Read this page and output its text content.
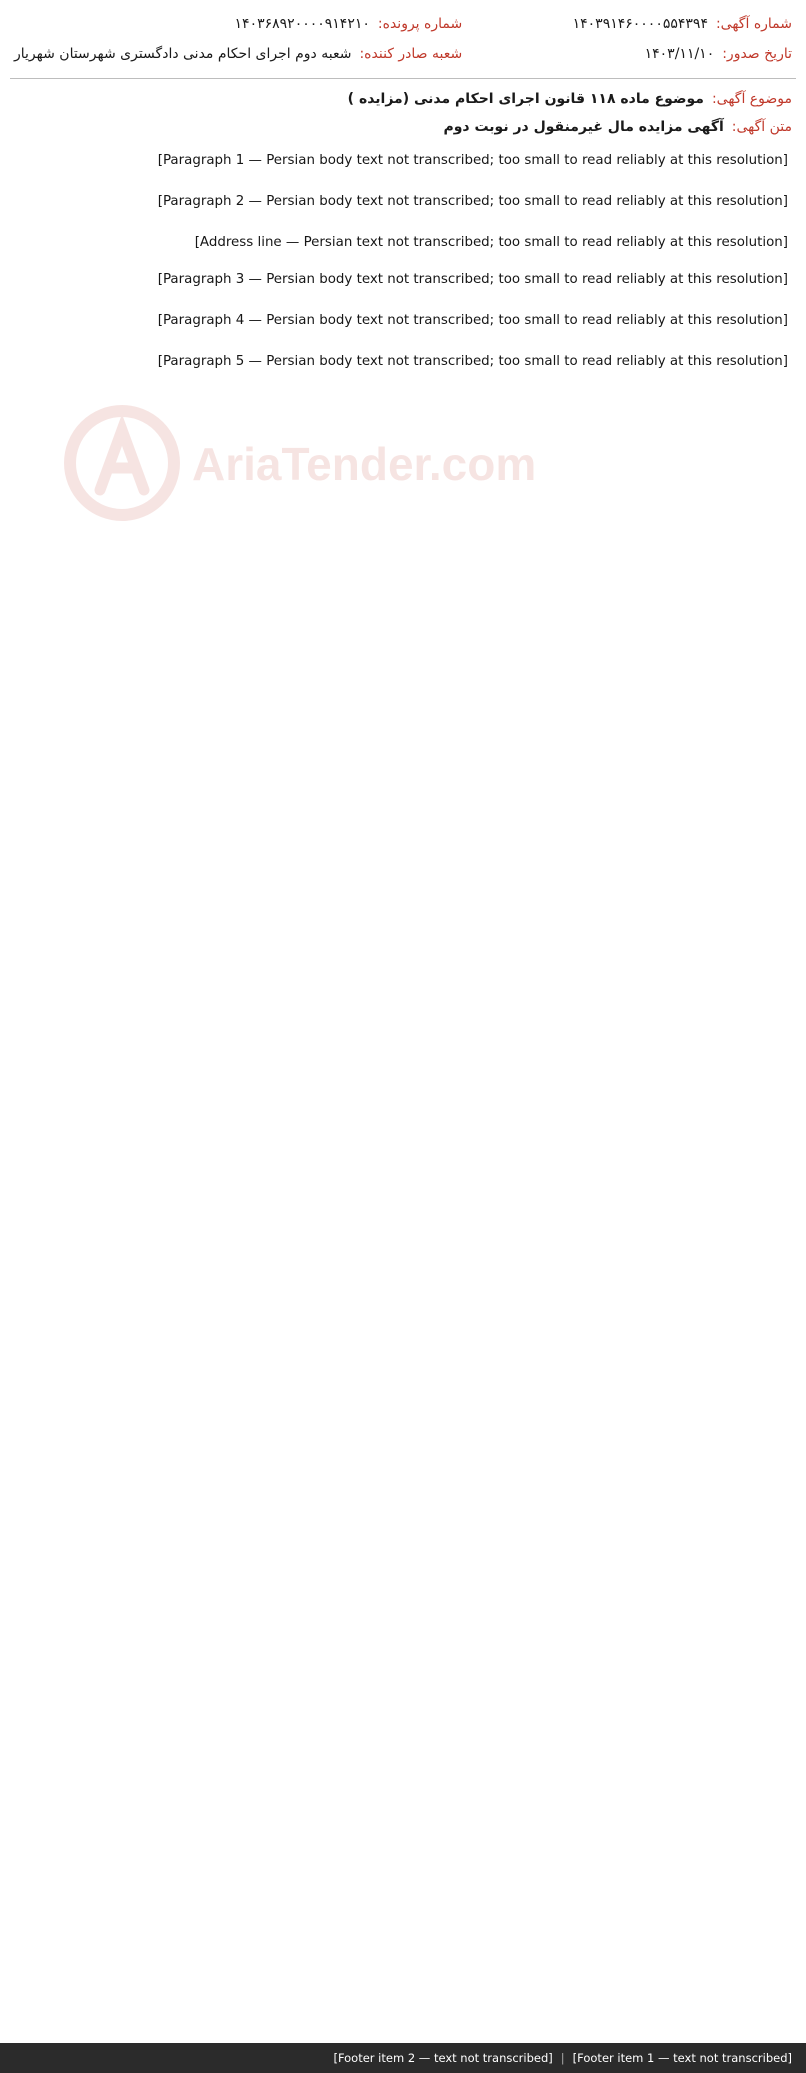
شماره آگهی:
۱۴۰۳۹۱۴۶۰۰۰۰۵۵۴۳۹۴
تاریخ صدور:
۱۴۰۳/۱۱/۱۰
شماره پرونده:
۱۴۰۳۶۸۹۲۰۰۰۰۹۱۴۲۱۰
شعبه صادر کننده:
شعبه دوم اجرای احکام مدنی دادگستری شهرستان شهریار
موضوع آگهی:
موضوع ماده ۱۱۸ قانون اجرای احکام مدنی (مزایده )
متن آگهی:
آگهی مزایده مال غیرمنقول در نوبت دوم

[Paragraph 1 — Persian body text not transcribed; too small to read reliably at this resolution]

[Paragraph 2 — Persian body text not transcribed; too small to read reliably at this resolution]

[Address line — Persian text not transcribed; too small to read reliably at this resolution]

[Paragraph 3 — Persian body text not transcribed; too small to read reliably at this resolution]

[Paragraph 4 — Persian body text not transcribed; too small to read reliably at this resolution]

[Paragraph 5 — Persian body text not transcribed; too small to read reliably at this resolution]

AriaTender.com
[Footer item 1 — text not transcribed]
|
[Footer item 2 — text not transcribed]
